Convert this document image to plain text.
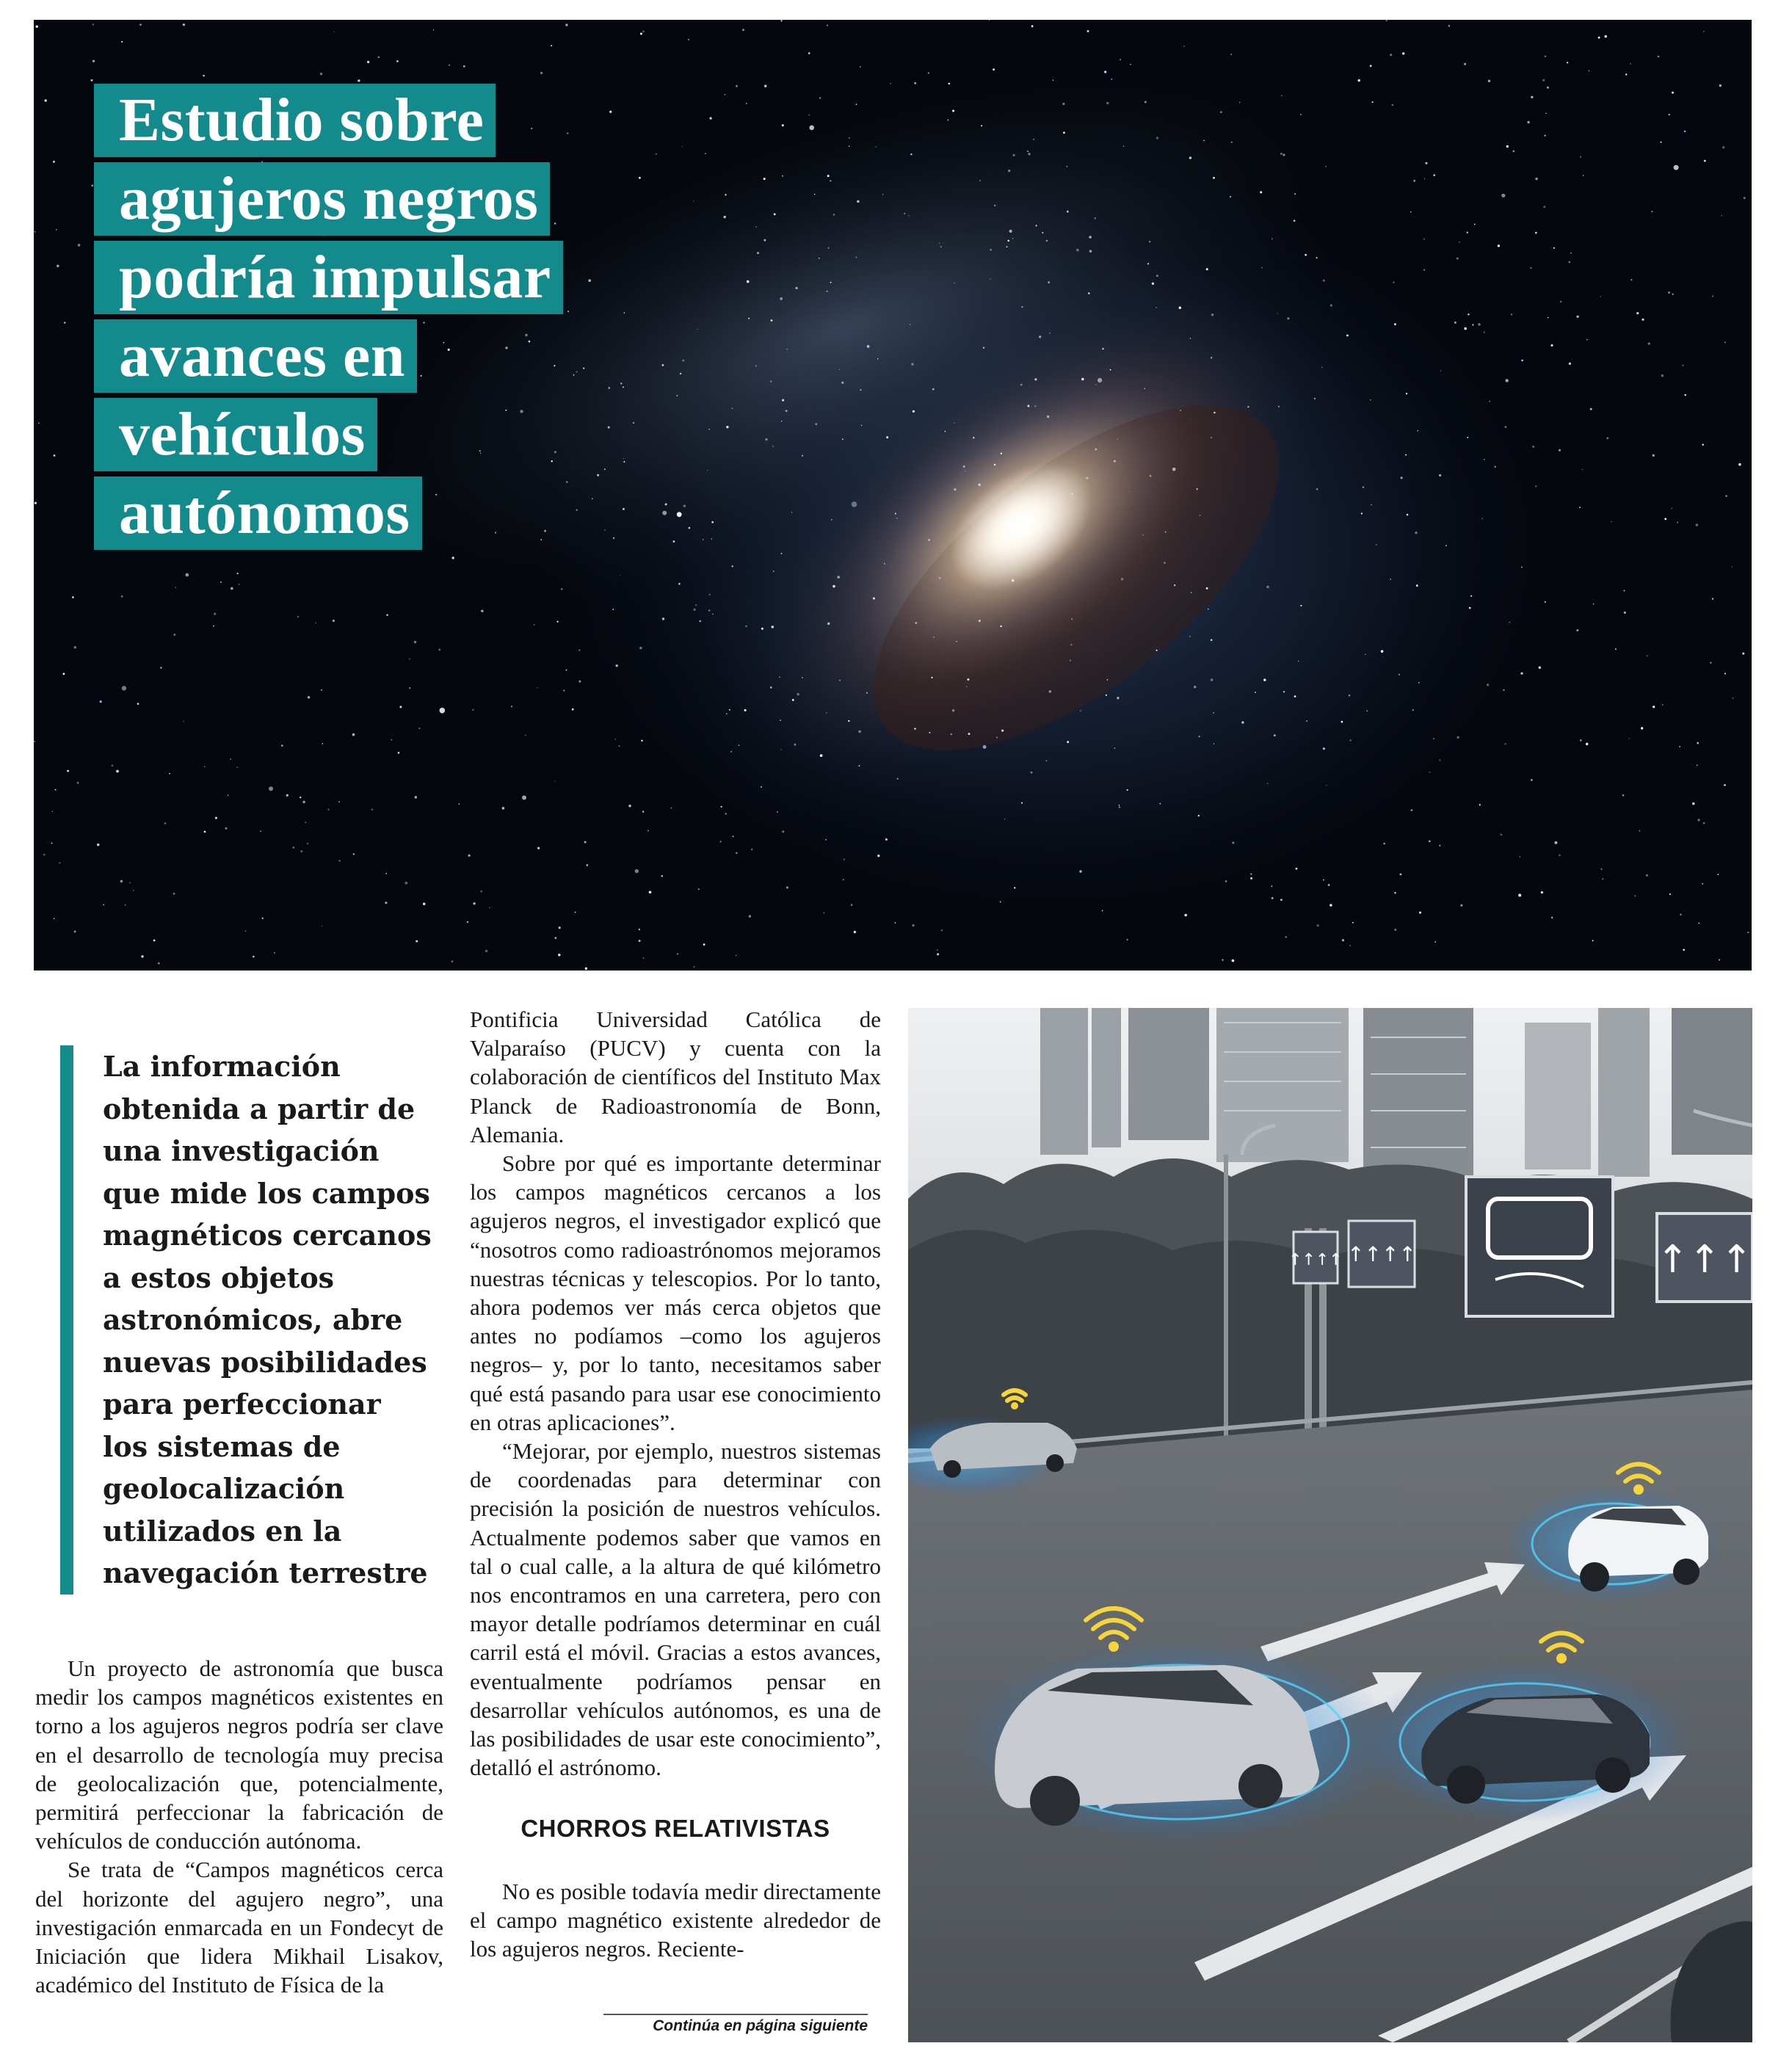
Estudio sobre
agujeros negros
podría impulsar
avances en
vehículos
autónomos
La información
obtenida a partir de
una investigación
que mide los campos
magnéticos cercanos
a estos objetos
astronómicos, abre
nuevas posibilidades
para perfeccionar
los sistemas de
geolocalización
utilizados en la
navegación terrestre

Un proyecto de astronomía que busca medir los campos magnéticos existentes en torno a los agujeros negros podría ser clave en el desarrollo de tecnología muy precisa de geolocalización que, potencialmente, permitirá perfeccionar la fabricación de vehículos de conducción autónoma.

Se trata de “Campos magnéticos cerca del horizonte del agujero negro”, una investigación enmarcada en un Fondecyt de Iniciación que lidera Mikhail Lisakov, académico del Instituto de Física de la

Pontificia Universidad Católica de Valparaíso (PUCV) y cuenta con la colaboración de científicos del Instituto Max Planck de Radioastronomía de Bonn, Alemania.

Sobre por qué es importante determinar los campos magnéticos cercanos a los agujeros negros, el investigador explicó que “nosotros como radioastrónomos mejoramos nuestras técnicas y telescopios. Por lo tanto, ahora podemos ver más cerca objetos que antes no podíamos –como los agujeros negros– y, por lo tanto, necesitamos saber qué está pasando para usar ese conocimiento en otras aplicaciones”.

“Mejorar, por ejemplo, nuestros sistemas de coordenadas para determinar con precisión la posición de nuestros vehículos. Actualmente podemos saber que vamos en tal o cual calle, a la altura de qué kilómetro nos encontramos en una carretera, pero con mayor detalle podríamos determinar en cuál carril está el móvil. Gracias a estos avances, eventualmente podríamos pensar en desarrollar vehículos autónomos, es una de las posibilidades de usar este conocimiento”, detalló el astrónomo.

CHORROS RELATIVISTAS

No es posible todavía medir directamente el campo magnético existente alrededor de los agujeros negros. Reciente-

Continúa en página siguiente
↑↑↑↑ ↑↑↑↑	↑↑↑
